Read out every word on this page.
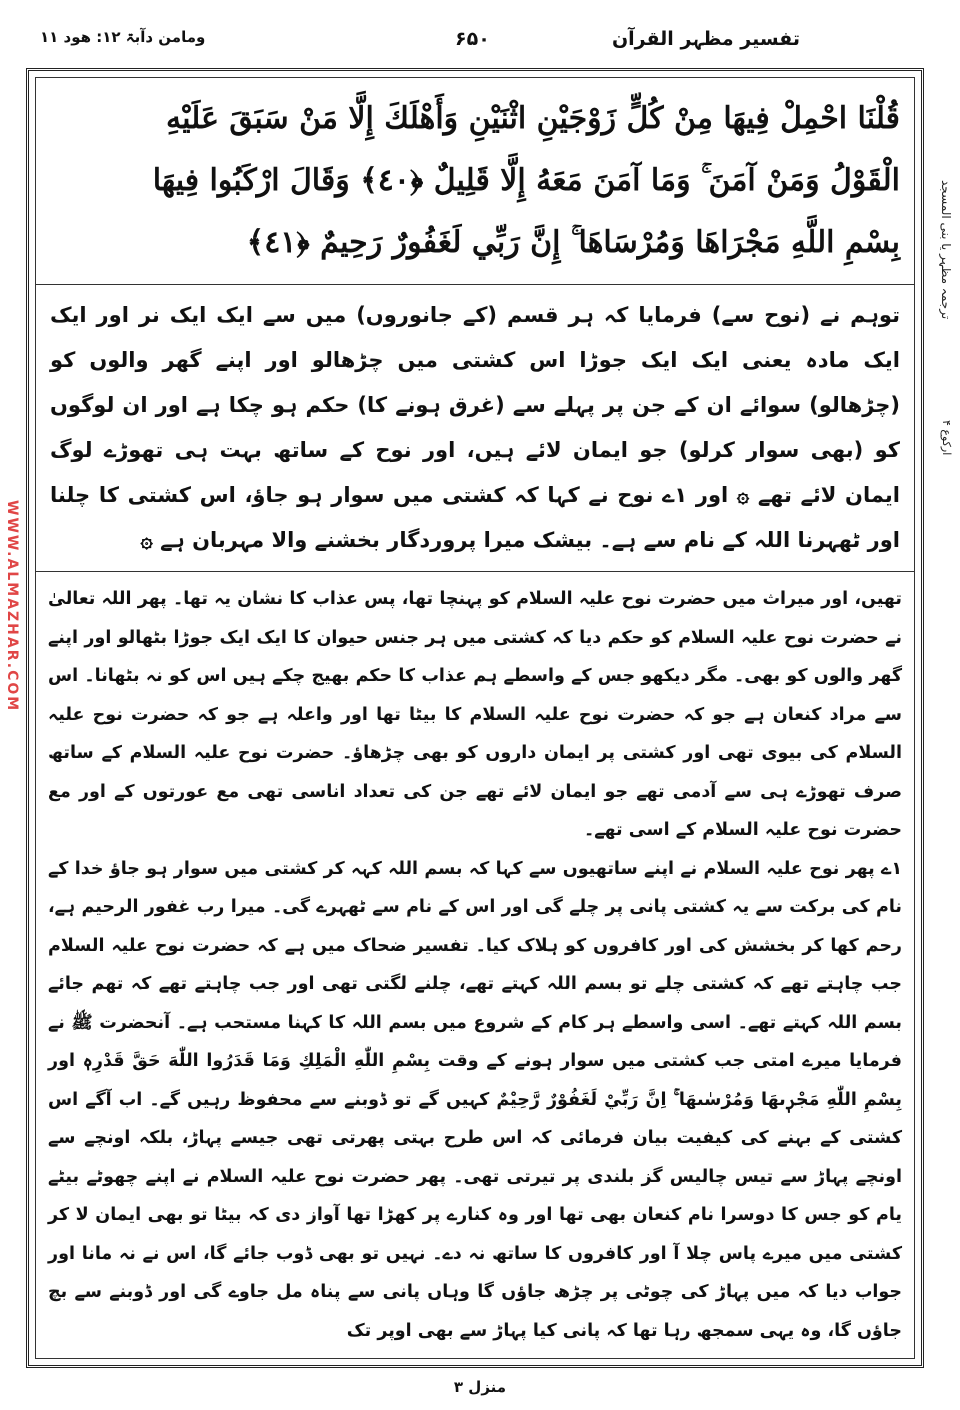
تفسیر مظہر القرآن
۶۵۰
ومامن دآبۃ ۱۲: ھود ۱۱
WWW.ALMAZHAR.COM
ترجمہ مظہر یا بنی المسجد
ارکوع ۴
قُلْنَا احْمِلْ فِيهَا مِنْ كُلٍّ زَوْجَيْنِ اثْنَيْنِ وَأَهْلَكَ إِلَّا مَنْ سَبَقَ عَلَيْهِ
الْقَوْلُ وَمَنْ آمَنَ ۚ وَمَا آمَنَ مَعَهُ إِلَّا قَلِيلٌ ﴿٤٠﴾ وَقَالَ ارْكَبُوا فِيهَا
بِسْمِ اللَّهِ مَجْرَاهَا وَمُرْسَاهَا ۚ إِنَّ رَبِّي لَغَفُورٌ رَحِيمٌ ﴿٤١﴾
توہم نے (نوح سے) فرمایا کہ ہر قسم (کے جانوروں) میں سے ایک ایک نر اور ایک ایک مادہ یعنی ایک ایک جوڑا اس کشتی میں چڑھالو اور اپنے گھر والوں کو (چڑھالو) سوائے ان کے جن پر پہلے سے (غرق ہونے کا) حکم ہو چکا ہے اور ان لوگوں کو (بھی سوار کرلو) جو ایمان لائے ہیں، اور نوح کے ساتھ بہت ہی تھوڑے لوگ ایمان لائے تھے ۞ اور ۱ے نوح نے کہا کہ کشتی میں سوار ہو جاؤ، اس کشتی کا چلنا اور ٹھہرنا اللہ کے نام سے ہے۔ بیشک میرا پروردگار بخشنے والا مہربان ہے ۞

تھیں، اور میراث میں حضرت نوح علیہ السلام کو پہنچا تھا، پس عذاب کا نشان یہ تھا۔ پھر اللہ تعالیٰ نے حضرت نوح علیہ السلام کو حکم دیا کہ کشتی میں ہر جنس حیوان کا ایک ایک جوڑا بٹھالو اور اپنے گھر والوں کو بھی۔ مگر دیکھو جس کے واسطے ہم عذاب کا حکم بھیج چکے ہیں اس کو نہ بٹھانا۔ اس سے مراد کنعان ہے جو کہ حضرت نوح علیہ السلام کا بیٹا تھا اور واعلہ ہے جو کہ حضرت نوح علیہ السلام کی بیوی تھی اور کشتی پر ایمان داروں کو بھی چڑھاؤ۔ حضرت نوح علیہ السلام کے ساتھ صرف تھوڑے ہی سے آدمی تھے جو ایمان لائے تھے جن کی تعداد اناسی تھی مع عورتوں کے اور مع حضرت نوح علیہ السلام کے اسی تھے۔

۱ے پھر نوح علیہ السلام نے اپنے ساتھیوں سے کہا کہ بسم اللہ کہہ کر کشتی میں سوار ہو جاؤ خدا کے نام کی برکت سے یہ کشتی پانی پر چلے گی اور اس کے نام سے ٹھہرے گی۔ میرا رب غفور الرحیم ہے، رحم کھا کر بخشش کی اور کافروں کو ہلاک کیا۔ تفسیر ضحاک میں ہے کہ حضرت نوح علیہ السلام جب چاہتے تھے کہ کشتی چلے تو بسم اللہ کہتے تھے، چلنے لگتی تھی اور جب چاہتے تھے کہ تھم جائے بسم اللہ کہتے تھے۔ اسی واسطے ہر کام کے شروع میں بسم اللہ کا کہنا مستحب ہے۔ آنحضرت ﷺ نے فرمایا میرے امتی جب کشتی میں سوار ہونے کے وقت بِسْمِ اللّٰهِ الْمَلِكِ وَمَا قَدَرُوا اللّٰهَ حَقَّ قَدْرِهٖ اور بِسْمِ اللّٰهِ مَجْرٖىهَا وَمُرْسٰىهَا ۚ اِنَّ رَبِّيْ لَغَفُوْرٌ رَّحِيْمٌ کہیں گے تو ڈوبنے سے محفوظ رہیں گے۔ اب آگے اس کشتی کے بہنے کی کیفیت بیان فرمائی کہ اس طرح بہتی پھرتی تھی جیسے پہاڑ، بلکہ اونچے سے اونچے پہاڑ سے تیس چالیس گز بلندی پر تیرتی تھی۔ پھر حضرت نوح علیہ السلام نے اپنے چھوٹے بیٹے یام کو جس کا دوسرا نام کنعان بھی تھا اور وہ کنارے پر کھڑا تھا آواز دی کہ بیٹا تو بھی ایمان لا کر کشتی میں میرے پاس چلا آ اور کافروں کا ساتھ نہ دے۔ نہیں تو بھی ڈوب جائے گا، اس نے نہ مانا اور جواب دیا کہ میں پہاڑ کی چوٹی پر چڑھ جاؤں گا وہاں پانی سے پناہ مل جاوے گی اور ڈوبنے سے بچ جاؤں گا، وہ یہی سمجھ رہا تھا کہ پانی کیا پہاڑ سے بھی اوپر تک

منزل ۳
